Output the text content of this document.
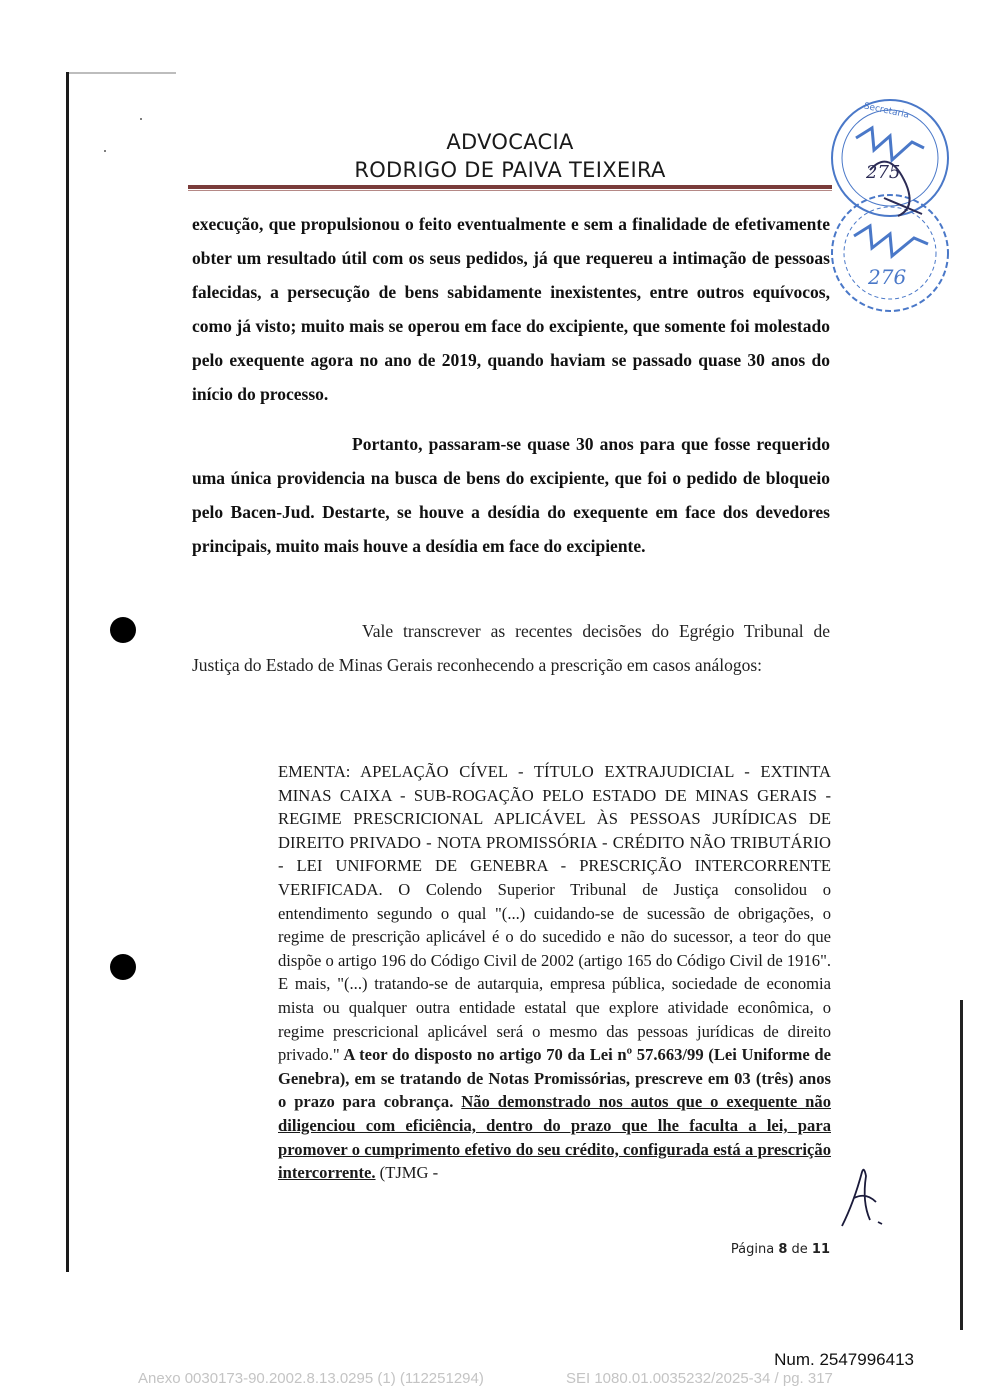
ADVOCACIA
RODRIGO DE PAIVA TEIXEIRA
execução, que propulsionou o feito eventualmente e sem a finalidade de efetivamente obter um resultado útil com os seus pedidos, já que requereu a intimação de pessoas falecidas, a persecução de bens sabidamente inexistentes, entre outros equívocos, como já visto; muito mais se operou em face do excipiente, que somente foi molestado pelo exequente agora no ano de 2019, quando haviam se passado quase 30 anos do início do processo.
Portanto, passaram-se quase 30 anos para que fosse requerido uma única providencia na busca de bens do excipiente, que foi o pedido de bloqueio pelo Bacen-Jud. Destarte, se houve a desídia do exequente em face dos devedores principais, muito mais houve a desídia em face do excipiente.
Vale transcrever as recentes decisões do Egrégio Tribunal de Justiça do Estado de Minas Gerais reconhecendo a prescrição em casos análogos:
EMENTA: APELAÇÃO CÍVEL - TÍTULO EXTRAJUDICIAL - EXTINTA MINAS CAIXA - SUB-ROGAÇÃO PELO ESTADO DE MINAS GERAIS - REGIME PRESCRICIONAL APLICÁVEL ÀS PESSOAS JURÍDICAS DE DIREITO PRIVADO - NOTA PROMISSÓRIA - CRÉDITO NÃO TRIBUTÁRIO - LEI UNIFORME DE GENEBRA - PRESCRIÇÃO INTERCORRENTE VERIFICADA. O Colendo Superior Tribunal de Justiça consolidou o entendimento segundo o qual "(...) cuidando-se de sucessão de obrigações, o regime de prescrição aplicável é o do sucedido e não do sucessor, a teor do que dispõe o artigo 196 do Código Civil de 2002 (artigo 165 do Código Civil de 1916". E mais, "(...) tratando-se de autarquia, empresa pública, sociedade de economia mista ou qualquer outra entidade estatal que explore atividade econômica, o regime prescricional aplicável será o mesmo das pessoas jurídicas de direito privado." A teor do disposto no artigo 70 da Lei nº 57.663/99 (Lei Uniforme de Genebra), em se tratando de Notas Promissórias, prescreve em 03 (três) anos o prazo para cobrança. Não demonstrado nos autos que o exequente não diligenciou com eficiência, dentro do prazo que lhe faculta a lei, para promover o cumprimento efetivo do seu crédito, configurada está a prescrição intercorrente. (TJMG -
Secretaria
275
276
Página 8 de 11
Num. 2547996413
Anexo 0030173-90.2002.8.13.0295 (1) (112251294)	SEI 1080.01.0035232/2025-34 / pg. 317
